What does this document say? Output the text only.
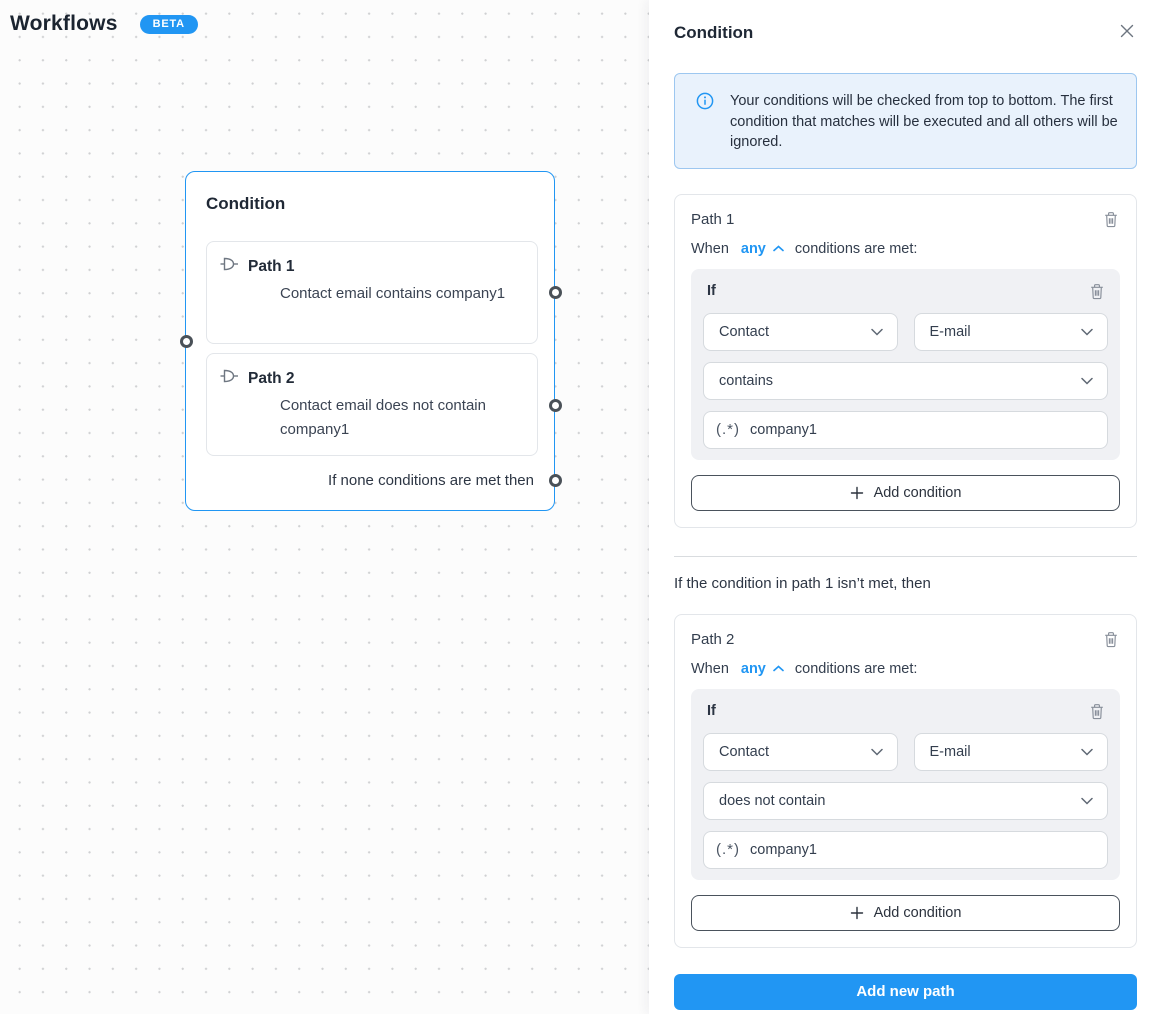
Workflows	BETA
Condition
Path 1
Contact email contains company1
Path 2
Contact email does not contain company1
If none conditions are met then
Condition
Your conditions will be checked from top to bottom. The first condition that matches will be executed and all others will be ignored.
Path 1
When any conditions are met:
If
Contact	E-mail
contains
(.*)
company1
Add condition
If the condition in path 1 isn’t met, then
Path 2
When any conditions are met:
If
Contact	E-mail
does not contain
(.*)
company1
Add condition
Add new path
